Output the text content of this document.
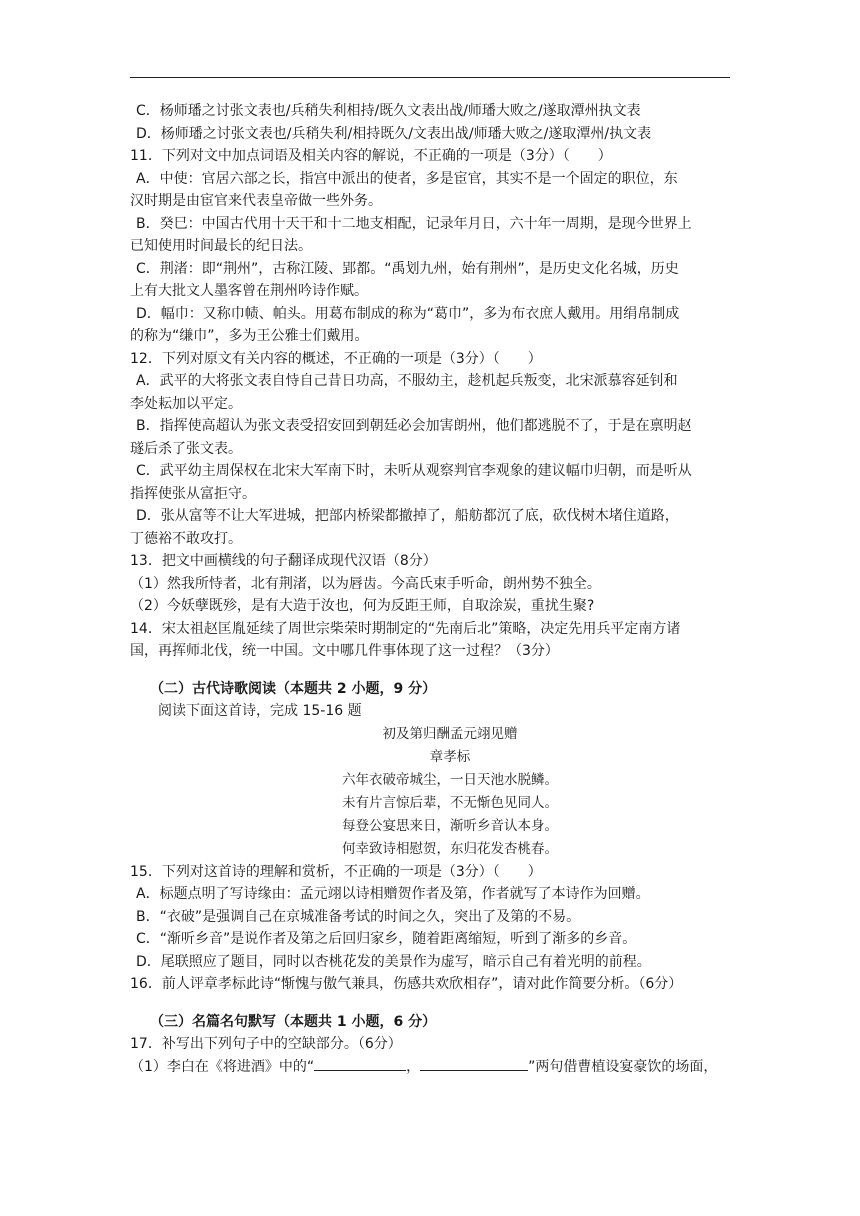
C．杨师璠之讨张文表也/兵稍失利相持/既久文表出战/师璠大败之/遂取潭州执文表

D．杨师璠之讨张文表也/兵稍失利/相持既久/文表出战/师璠大败之/遂取潭州/执文表

11．下列对文中加点词语及相关内容的解说，不正确的一项是（3分）（　　）

A．中使：官居六部之长，指宫中派出的使者，多是宦官，其实不是一个固定的职位，东

汉时期是由宦官来代表皇帝做一些外务。

B．癸巳：中国古代用十天干和十二地支相配，记录年月日，六十年一周期，是现今世界上

已知使用时间最长的纪日法。

C．荆渚：即“荆州”，古称江陵、郢都。“禹划九州，始有荆州”，是历史文化名城，历史

上有大批文人墨客曾在荆州吟诗作赋。

D．幅巾：又称巾帻、帕头。用葛布制成的称为“葛巾”，多为布衣庶人戴用。用绢帛制成

的称为“缣巾”，多为王公雅士们戴用。

12．下列对原文有关内容的概述，不正确的一项是（3分）（　　）

A．武平的大将张文表自恃自己昔日功高，不服幼主，趁机起兵叛变，北宋派慕容延钊和

李处耘加以平定。

B．指挥使高超认为张文表受招安回到朝廷必会加害朗州，他们都逃脱不了，于是在禀明赵

璲后杀了张文表。

C．武平幼主周保权在北宋大军南下时，未听从观察判官李观象的建议幅巾归朝，而是听从

指挥使张从富拒守。

D．张从富等不让大军进城，把部内桥梁都撤掉了，船舫都沉了底，砍伐树木堵住道路，

丁德裕不敢攻打。

13．把文中画横线的句子翻译成现代汉语（8分）

（1）然我所恃者，北有荆渚，以为唇齿。今高氏束手听命，朗州势不独全。

（2）今妖孽既殄，是有大造于汝也，何为反距王师，自取涂炭，重扰生聚?

14．宋太祖赵匡胤延续了周世宗柴荣时期制定的“先南后北”策略，决定先用兵平定南方诸

国，再挥师北伐，统一中国。文中哪几件事体现了这一过程？（3分）

（二）古代诗歌阅读（本题共 2 小题，9 分）

阅读下面这首诗，完成 15-16 题

初及第归酬孟元翊见赠

章孝标

六年衣破帝城尘，一日天池水脱鳞。

未有片言惊后辈，不无惭色见同人。

每登公宴思来日，渐听乡音认本身。

何幸致诗相慰贺，东归花发杏桃春。

15．下列对这首诗的理解和赏析，不正确的一项是（3分）（　　）

A．标题点明了写诗缘由：孟元翊以诗相赠贺作者及第，作者就写了本诗作为回赠。

B．“衣破”是强调自己在京城准备考试的时间之久，突出了及第的不易。

C．“渐听乡音”是说作者及第之后回归家乡，随着距离缩短，听到了渐多的乡音。

D．尾联照应了题目，同时以杏桃花发的美景作为虚写，暗示自己有着光明的前程。

16．前人评章孝标此诗“惭愧与傲气兼具，伤感共欢欣相存”，请对此作简要分析。（6分）

（三）名篇名句默写（本题共 1 小题，6 分）

17．补写出下列句子中的空缺部分。（6分）

（1）李白在《将进酒》中的“	，	”两句借曹植设宴豪饮的场面，
